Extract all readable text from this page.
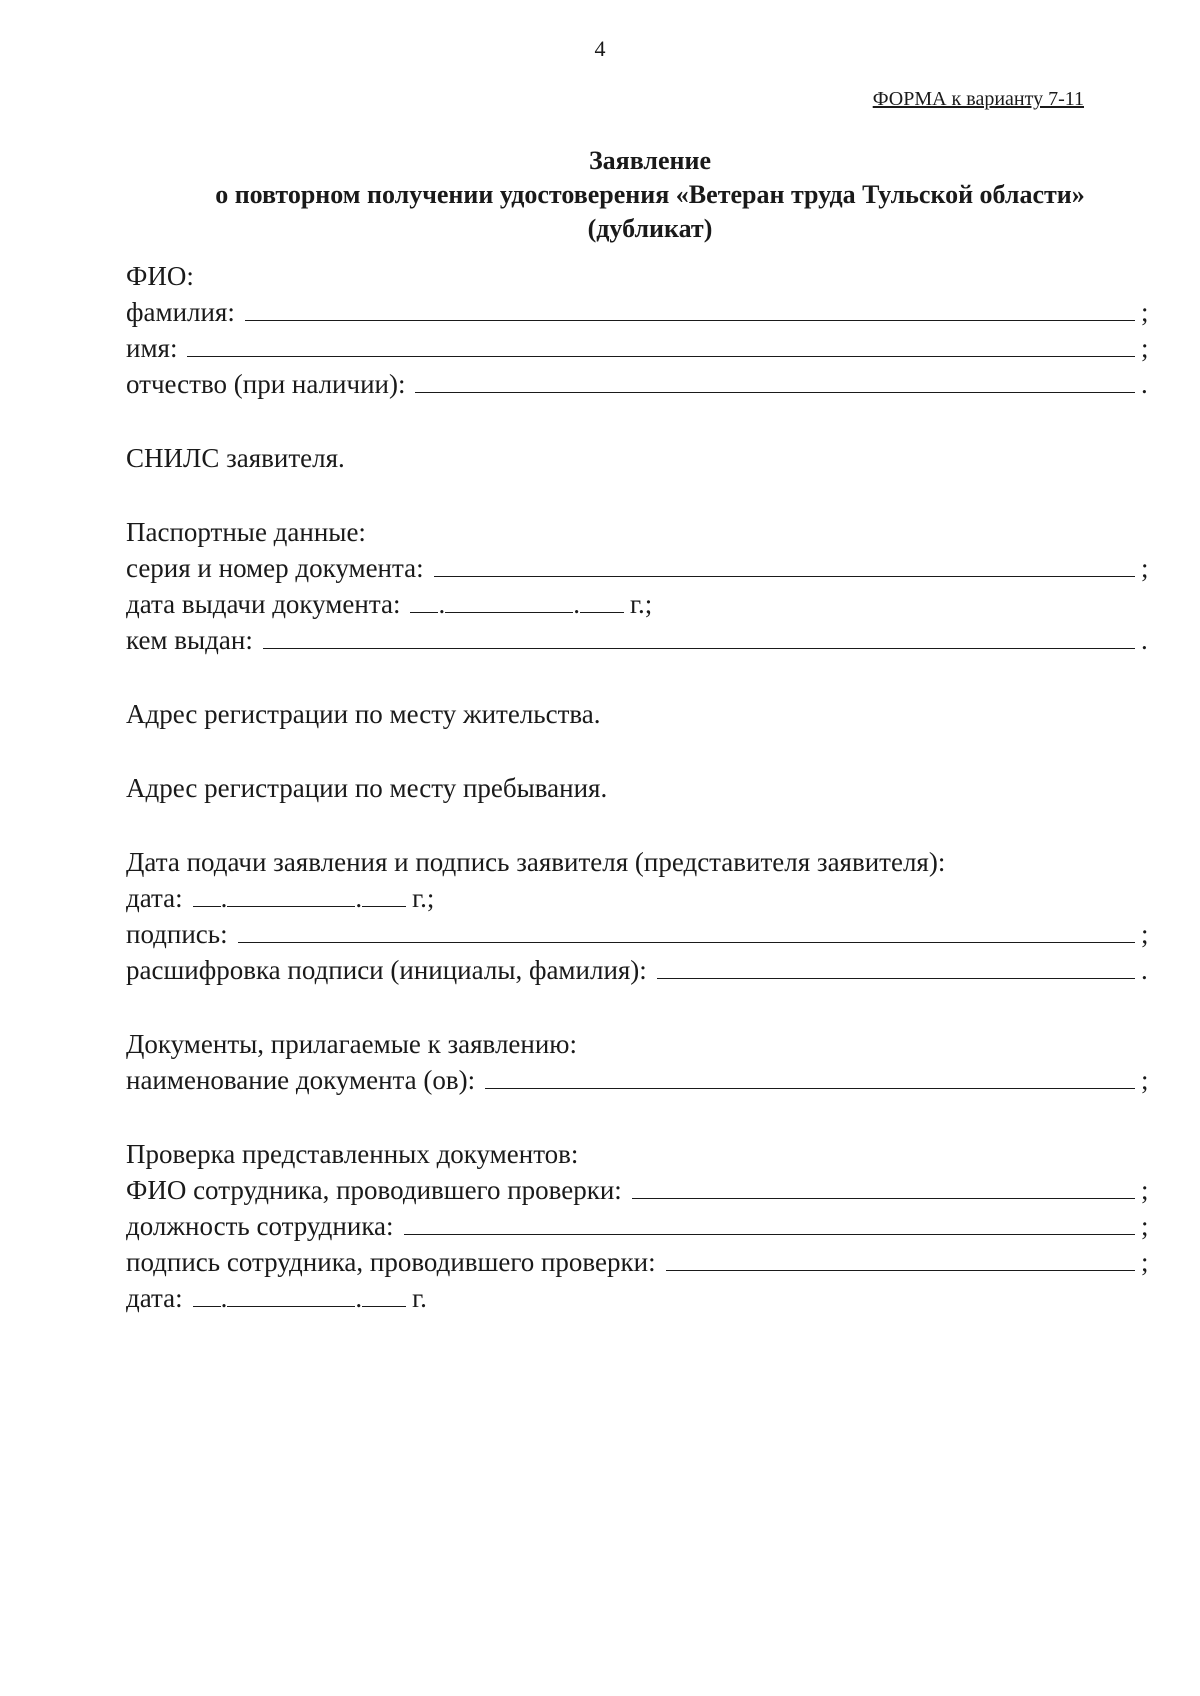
4
ФОРМА к варианту 7-11
Заявление
о повторном получении удостоверения «Ветеран труда Тульской области»
(дубликат)
ФИО:
фамилия:	;
имя:	;
отчество (при наличии):	.
СНИЛС заявителя.
Паспортные данные:
серия и номер документа:	;
дата выдачи документа: .	. г.;
кем выдан:	.
Адрес регистрации по месту жительства.
Адрес регистрации по месту пребывания.
Дата подачи заявления и подпись заявителя (представителя заявителя):
дата: .	. г.;
подпись:	;
расшифровка подписи (инициалы, фамилия):	.
Документы, прилагаемые к заявлению:
наименование документа (ов):	;
Проверка представленных документов:
ФИО сотрудника, проводившего проверки:	;
должность сотрудника:	;
подпись сотрудника, проводившего проверки:	;
дата: .	. г.
